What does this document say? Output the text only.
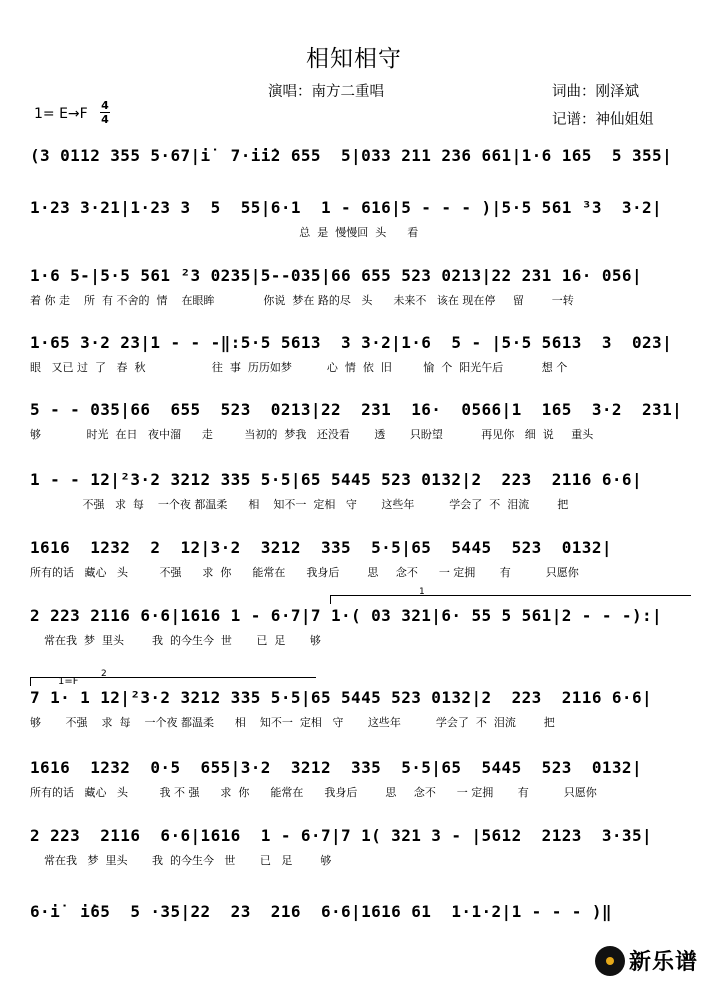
相知相守
演唱：南方二重唱	词曲：刚泽斌
记谱：神仙姐姐
1= E→F
4
4
(3 0112 355 5·67|i̇  7·i̇i̇2 655  5|033 211 236 661|1·6 165  5 355|
1·23 3·21|1·23 3  5  55|6·1  1 - 616|5 - - - )|5·5 561 ³3  3·2|
总  是  慢慢回  头      看
1·6 5-|5·5 561 ²3 0235|5--035|66 655 523 0213|22 231 16· 056|
着 你 走    所  有 不舍的  情    在眼眸              你说  梦在 路的尽   头      未来不   该在 现在停     留        一转
1·65 3·2 23|1 - - -‖:5·5 5613  3 3·2|1·6  5 - |5·5 5613  3  023|
眼   又已 过  了   春  秋                   往  事  历历如梦          心  情  依  旧         愉  个  阳光午后           想 个
5 - - 035|66  655  523  0213|22  231  16·  0566|1  165  3·2  231|
够             时光  在日   夜中溜      走         当初的  梦我   还没看       透       只盼望           再见你   细  说     重头
1 - - 12|²3·2 3212 335 5·5|65 5445 523 0132|2  223  2116 6·6|
不强   求  每    一个夜 都温柔      相    知不一  定相   守       这些年          学会了  不  泪流        把
1616  1232  2  12|3·2  3212  335  5·5|65  5445  523  0132|
所有的话   藏心   头         不强      求  你      能常在      我身后        思     念不      一 定拥       有          只愿你
2 223 2116 6·6|1616 1 - 6·7|7 1·( 03 321|6· 55 5 561|2 - - -):|
常在我  梦  里头        我  的今生今  世       已  足       够
7 1· 1 12|²3·2 3212 335 5·5|65 5445 523 0132|2  223  2116 6·6|
够       不强    求  每    一个夜 都温柔      相    知不一  定相   守       这些年          学会了  不  泪流        把
1616  1232  0·5  655|3·2  3212  335  5·5|65  5445  523  0132|
所有的话   藏心   头         我 不 强      求  你      能常在      我身后        思     念不      一 定拥       有          只愿你
2 223  2116  6·6|1616  1 - 6·7|7 1( 321 3 - |5612  2123  3·35|
常在我   梦  里头       我  的今生今   世       已   足        够
6·i̇  i̇65  5 ·35|22  23  216  6·6|1616 61  1·1·2|1 - - - )‖
1
2
1=F
新乐谱
